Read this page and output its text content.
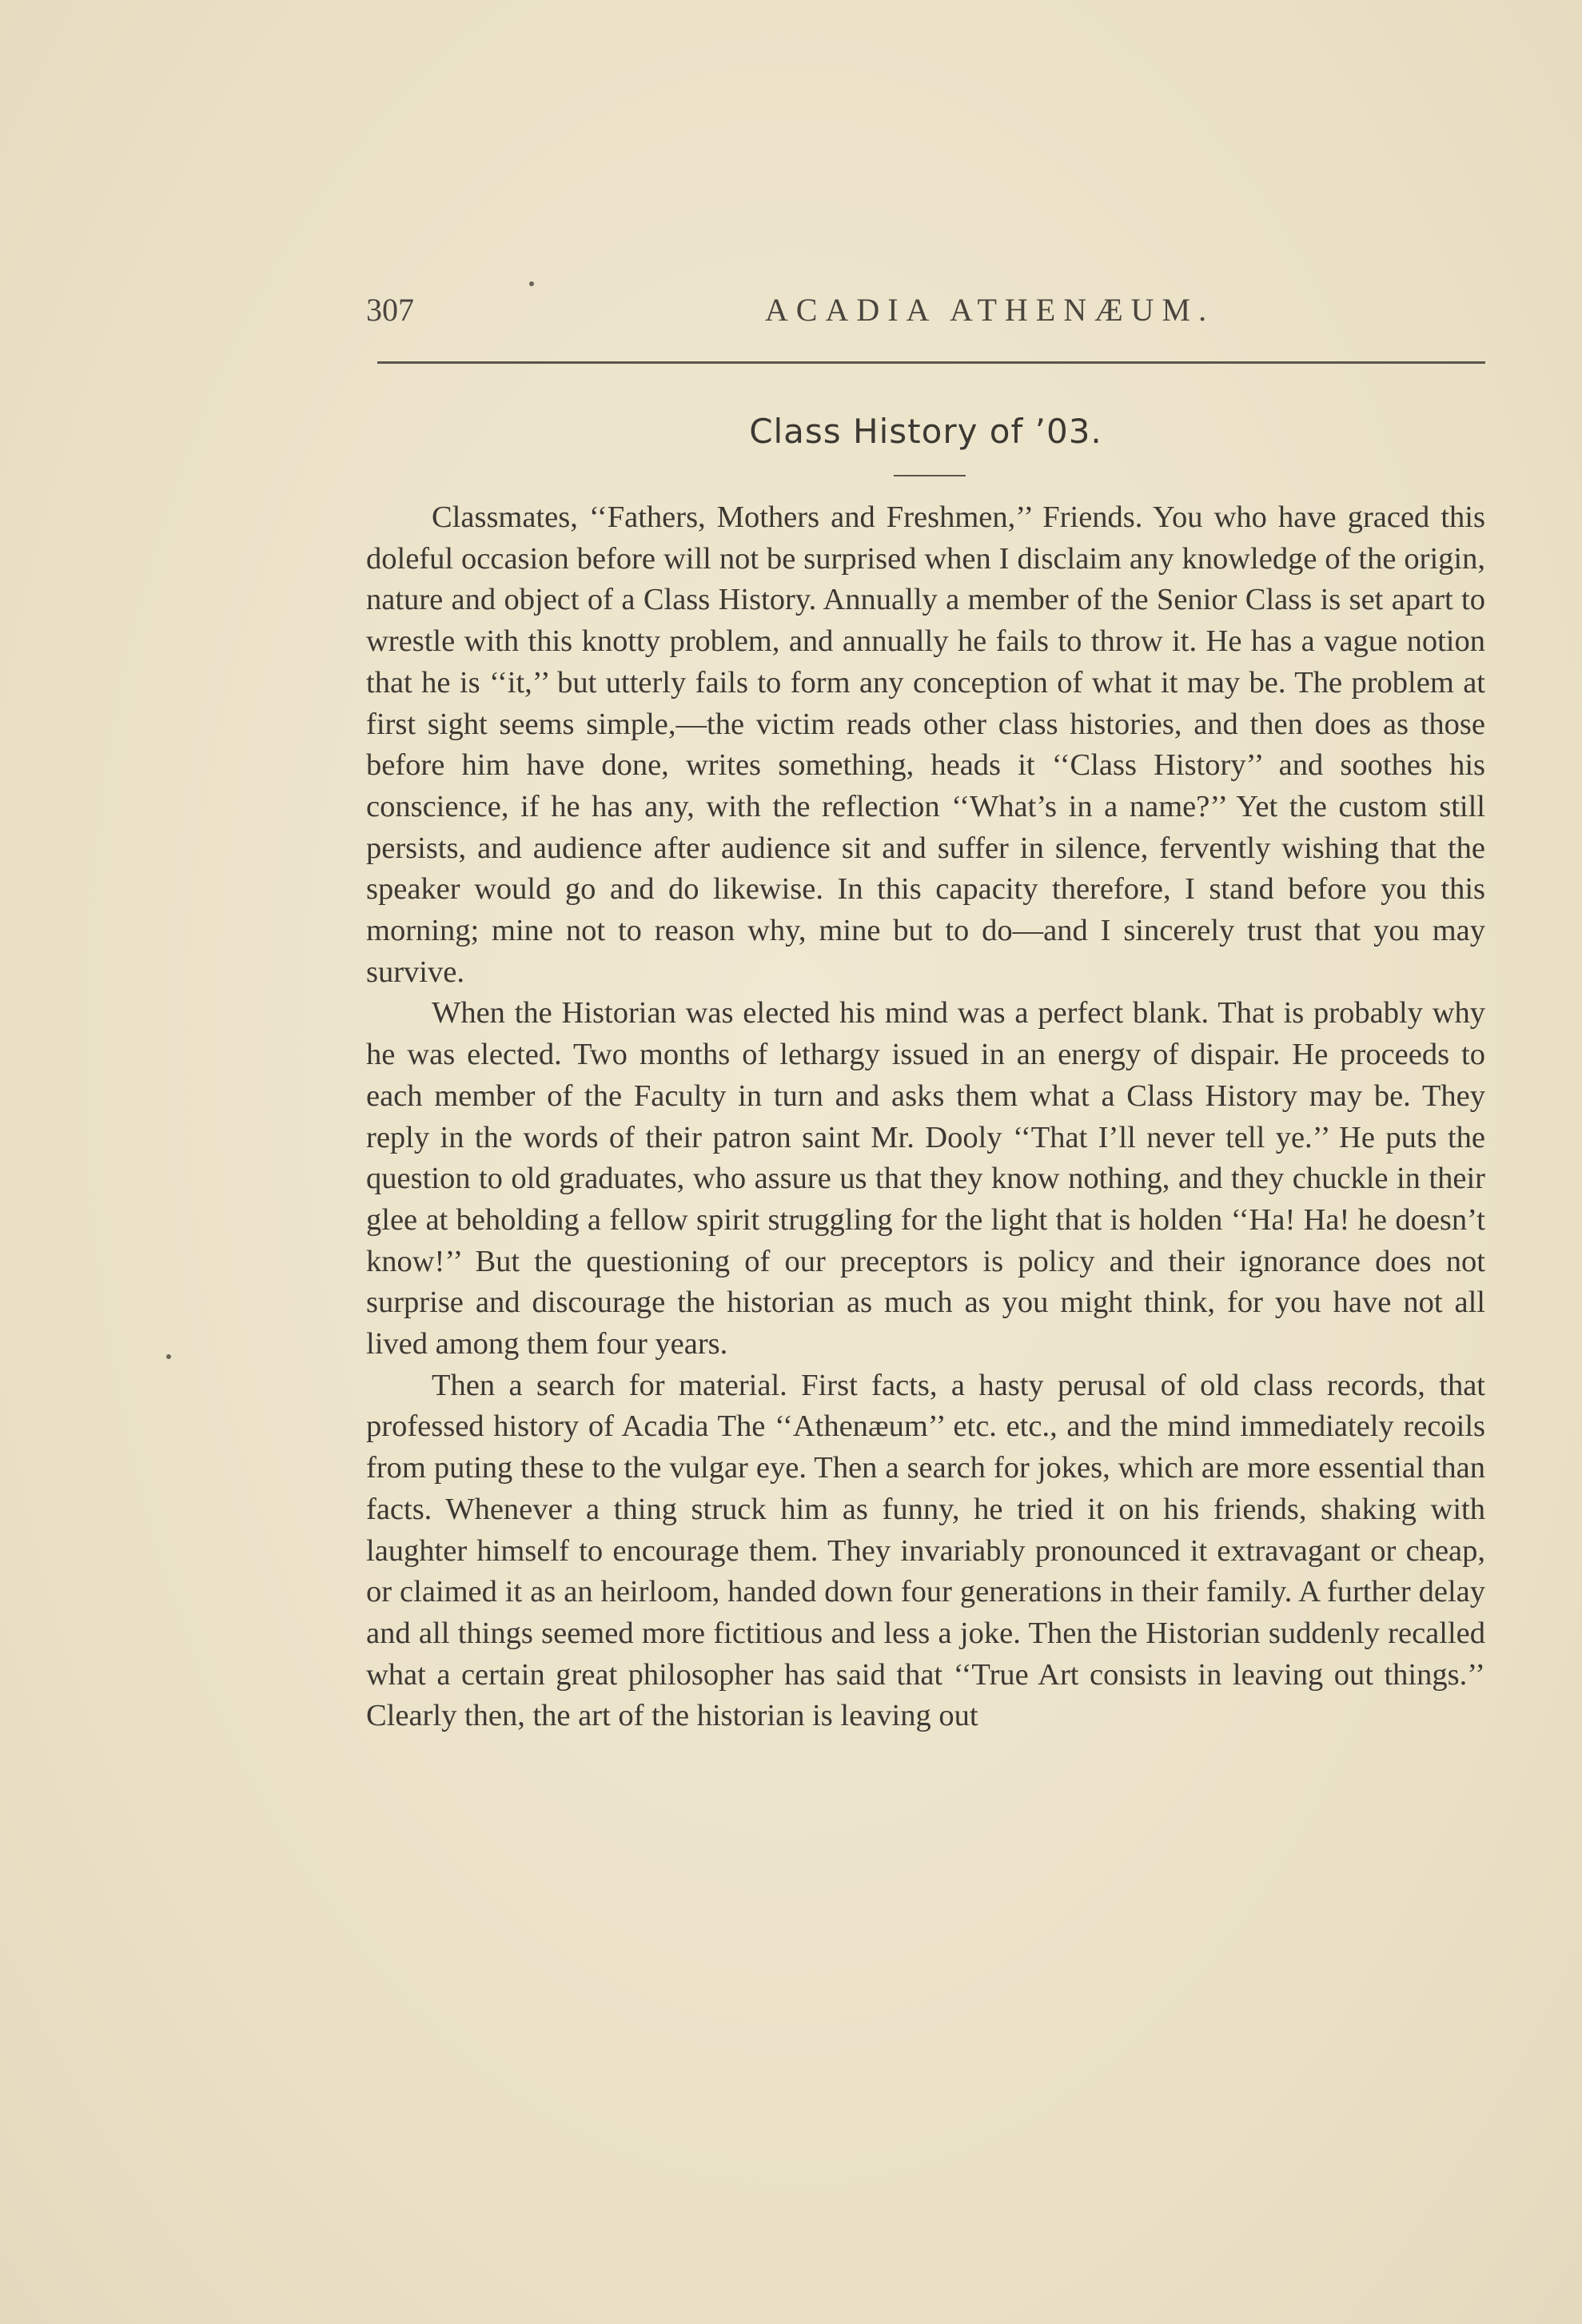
307	ACADIA ATHENÆUM.
Class History of ’03.

Classmates, ‘‘Fathers, Mothers and Freshmen,’’ Friends. You who have graced this doleful occasion before will not be surprised when I disclaim any knowledge of the origin, nature and object of a Class History. Annually a member of the Senior Class is set apart to wrestle with this knotty problem, and annually he fails to throw it. He has a vague notion that he is ‘‘it,’’ but utterly fails to form any conception of what it may be. The problem at first sight seems simple,—the victim reads other class histories, and then does as those before him have done, writes something, heads it ‘‘Class History’’ and soothes his conscience, if he has any, with the reflection ‘‘What’s in a name?’’ Yet the custom still persists, and audience after audience sit and suffer in silence, fervently wishing that the speaker would go and do likewise. In this capacity therefore, I stand before you this morning; mine not to reason why, mine but to do—and I sincerely trust that you may survive.

When the Historian was elected his mind was a perfect blank. That is probably why he was elected. Two months of lethargy issued in an energy of dispair. He proceeds to each member of the Faculty in turn and asks them what a Class History may be. They reply in the words of their patron saint Mr. Dooly ‘‘That I’ll never tell ye.’’ He puts the question to old graduates, who assure us that they know nothing, and they chuckle in their glee at beholding a fellow spirit struggling for the light that is holden ‘‘Ha! Ha! he doesn’t know!’’ But the questioning of our preceptors is policy and their ignorance does not surprise and discourage the historian as much as you might think, for you have not all lived among them four years.

Then a search for material. First facts, a hasty perusal of old class records, that professed history of Acadia The ‘‘Athenæum’’ etc. etc., and the mind immediately recoils from puting these to the vulgar eye. Then a search for jokes, which are more essential than facts. Whenever a thing struck him as funny, he tried it on his friends, shaking with laughter himself to encourage them. They invariably pronounced it extravagant or cheap, or claimed it as an heirloom, handed down four generations in their family. A further delay and all things seemed more fictitious and less a joke. Then the Historian suddenly recalled what a certain great philosopher has said that ‘‘True Art consists in leaving out things.’’ Clearly then, the art of the historian is leaving out
